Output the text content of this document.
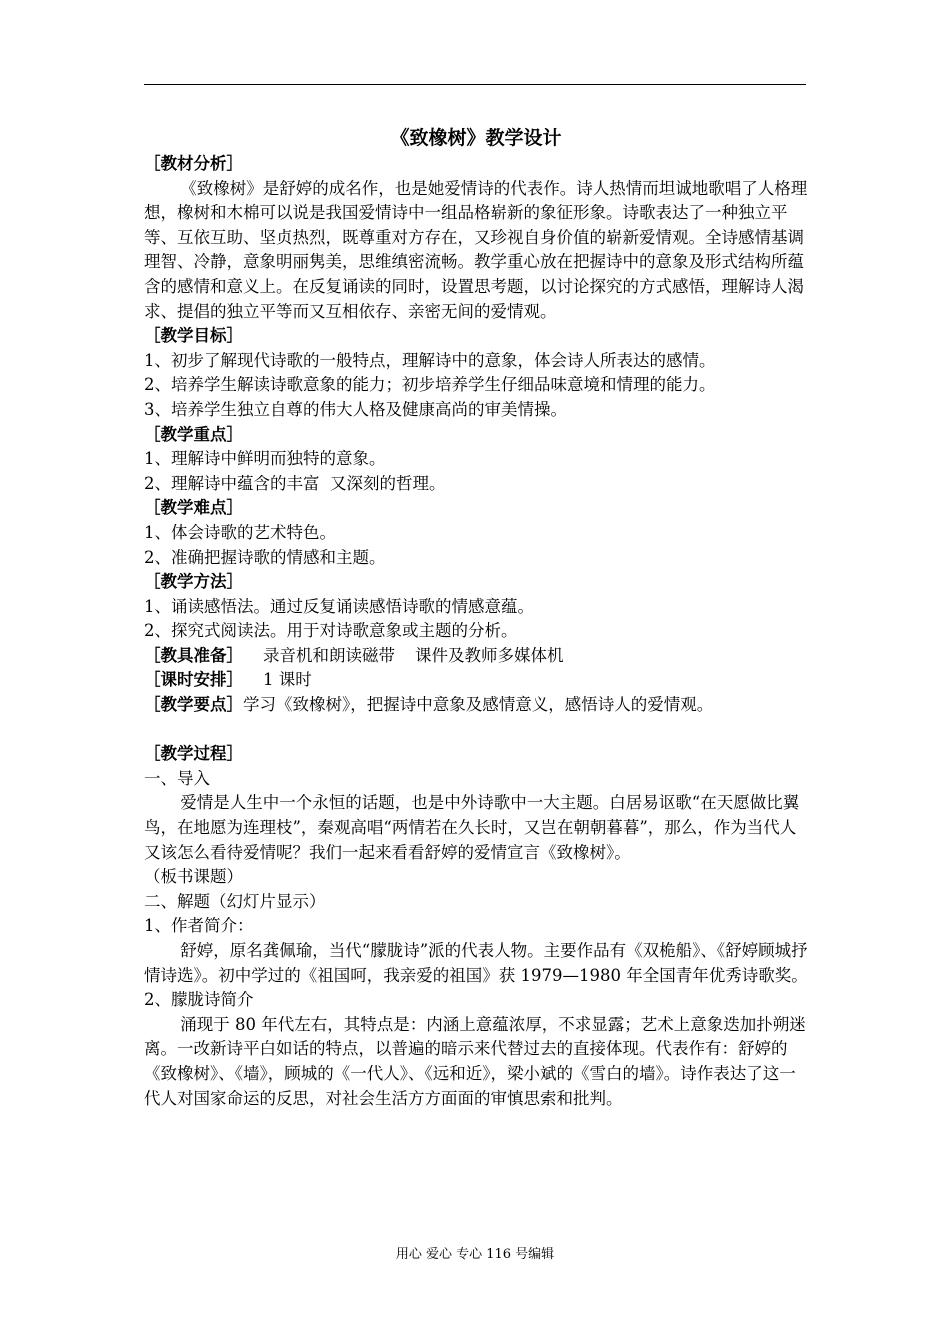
《致橡树》教学设计

［教材分析］

《致橡树》是舒婷的成名作，也是她爱情诗的代表作。诗人热情而坦诚地歌唱了人格理想，橡树和木棉可以说是我国爱情诗中一组品格崭新的象征形象。诗歌表达了一种独立平等、互依互助、坚贞热烈，既尊重对方存在，又珍视自身价值的崭新爱情观。全诗感情基调理智、冷静，意象明丽隽美，思维缜密流畅。教学重心放在把握诗中的意象及形式结构所蕴含的感情和意义上。在反复诵读的同时，设置思考题，以讨论探究的方式感悟，理解诗人渴求、提倡的独立平等而又互相依存、亲密无间的爱情观。

［教学目标］

1、初步了解现代诗歌的一般特点，理解诗中的意象，体会诗人所表达的感情。

2、培养学生解读诗歌意象的能力；初步培养学生仔细品味意境和情理的能力。

3、培养学生独立自尊的伟大人格及健康高尚的审美情操。

［教学重点］

1、理解诗中鲜明而独特的意象。

2、理解诗中蕴含的丰富  又深刻的哲理。

［教学难点］

1、体会诗歌的艺术特色。

2、准确把握诗歌的情感和主题。

［教学方法］

1、诵读感悟法。通过反复诵读感悟诗歌的情感意蕴。

2、探究式阅读法。用于对诗歌意象或主题的分析。

［教具准备］ 录音机和朗读磁带 课件及教师多媒体机

［课时安排］ 1 课时

［教学要点］学习《致橡树》，把握诗中意象及感情意义，感悟诗人的爱情观。

［教学过程］

一、导入

爱情是人生中一个永恒的话题，也是中外诗歌中一大主题。白居易讴歌“在天愿做比翼鸟，在地愿为连理枝”，秦观高唱“两情若在久长时，又岂在朝朝暮暮”，那么，作为当代人又该怎么看待爱情呢？我们一起来看看舒婷的爱情宣言《致橡树》。

（板书课题）

二、解题（幻灯片显示）

1、作者简介：

舒婷，原名龚佩瑜，当代“朦胧诗”派的代表人物。主要作品有《双桅船》、《舒婷顾城抒情诗选》。初中学过的《祖国呵，我亲爱的祖国》获 1979—1980 年全国青年优秀诗歌奖。

2、朦胧诗简介

涌现于 80 年代左右，其特点是：内涵上意蕴浓厚，不求显露；艺术上意象迭加扑朔迷离。一改新诗平白如话的特点，以普遍的暗示来代替过去的直接体现。代表作有：舒婷的《致橡树》、《墙》，顾城的《一代人》、《远和近》，梁小斌的《雪白的墙》。诗作表达了这一代人对国家命运的反思，对社会生活方方面面的审慎思索和批判。

用心 爱心 专心 116 号编辑
